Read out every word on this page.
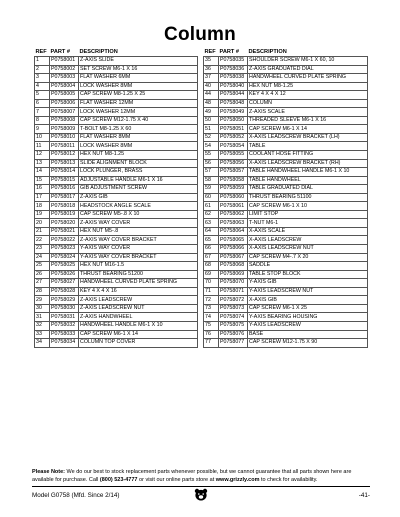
Column
REF	PART #	DESCRIPTION
1	P0758001	Z-AXIS SLIDE
2	P0758002	SET SCREW M6-1 X 16
3	P0758003	FLAT WASHER 6MM
4	P0758004	LOCK WASHER 8MM
5	P0758005	CAP SCREW M8-1.25 X 25
6	P0758006	FLAT WASHER 12MM
7	P0758007	LOCK WASHER 12MM
8	P0758008	CAP SCREW M12-1.75 X 40
9	P0758009	T-BOLT M8-1.25 X 60
10	P0758010	FLAT WASHER 8MM
11	P0758011	LOCK WASHER 8MM
12	P0758012	HEX NUT M8-1.25
13	P0758013	SLIDE ALIGNMENT BLOCK
14	P0758014	LOCK PLUNGER, BRASS
15	P0758015	ADJUSTABLE HANDLE M6-1 X 16
16	P0758016	GIB ADJUSTMENT SCREW
17	P0758017	Z-AXIS GIB
18	P0758018	HEADSTOCK ANGLE SCALE
19	P0758019	CAP SCREW M5-.8 X 10
20	P0758020	Z-AXIS WAY COVER
21	P0758021	HEX NUT M5-.8
22	P0758022	Z-AXIS WAY COVER BRACKET
23	P0758023	Y-AXIS WAY COVER
24	P0758024	Y-AXIS WAY COVER BRACKET
25	P0758025	HEX NUT M16-1.5
26	P0758026	THRUST BEARING 51200
27	P0758027	HANDWHEEL CURVED PLATE SPRING
28	P0758028	KEY 4 X 4 X 16
29	P0758029	Z-AXIS LEADSCREW
30	P0758030	Z-AXIS LEADSCREW NUT
31	P0758031	Z-AXIS HANDWHEEL
32	P0758032	HANDWHEEL HANDLE M6-1 X 10
33	P0758033	CAP SCREW M6-1 X 14
34	P0758034	COLUMN TOP COVER
REF	PART #	DESCRIPTION
35	P0758035	SHOULDER SCREW M6-1 X 60, 10
36	P0758036	Z-AXIS GRADUATED DIAL
37	P0758038	HANDWHEEL CURVED PLATE SPRING
40	P0758040	HEX NUT M8-1.25
44	P0758044	KEY 4 X 4 X 12
48	P0758048	COLUMN
49	P0758049	Z-AXIS SCALE
50	P0758050	THREADED SLEEVE M6-1 X 16
51	P0758051	CAP SCREW M6-1 X 14
52	P0758052	X-AXIS LEADSCREW BRACKET (LH)
54	P0758054	TABLE
55	P0758055	COOLANT HOSE FITTING
56	P0758056	X-AXIS LEADSCREW BRACKET (RH)
57	P0758057	TABLE HANDWHEEL HANDLE M6-1 X 10
58	P0758058	TABLE HANDWHEEL
59	P0758059	TABLE GRADUATED DIAL
60	P0758060	THRUST BEARING 51100
61	P0758061	CAP SCREW M6-1 X 10
62	P0758062	LIMIT STOP
63	P0758063	T-NUT M6-1
64	P0758064	X-AXIS SCALE
65	P0758065	X-AXIS LEADSCREW
66	P0758066	X-AXIS LEADSCREW NUT
67	P0758067	CAP SCREW M4-.7 X 20
68	P0758068	SADDLE
69	P0758069	TABLE STOP BLOCK
70	P0758070	Y-AXIS GIB
71	P0758071	Y-AXIS LEADSCREW NUT
72	P0758072	X-AXIS GIB
73	P0758073	CAP SCREW M6-1 X 25
74	P0758074	Y-AXIS BEARING HOUSING
75	P0758075	Y-AXIS LEADSCREW
76	P0758076	BASE
77	P0758077	CAP SCREW M12-1.75 X 90
Please Note: We do our best to stock replacement parts whenever possible, but we cannot guarantee that all parts shown here are available for purchase. Call (800) 523-4777 or visit our online parts store at www.grizzly.com to check for availability.
Model G0758 (Mfd. Since 2/14)	-41-
